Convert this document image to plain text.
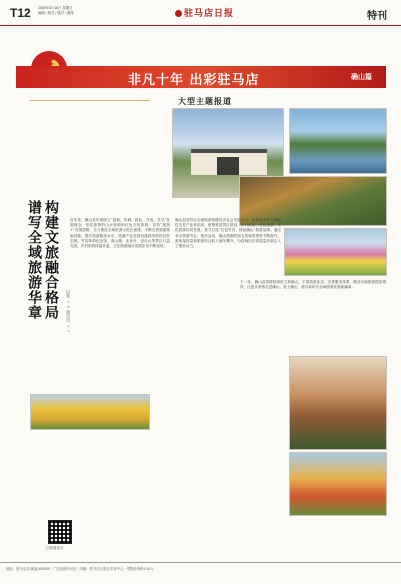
T12 2020年8月16日 星期日
编辑 / 版式 / 校对 / 照排	驻马店日报	特刊
非凡十年 出彩驻马店	确山篇
大型主题报道
谱写全域旅游华章 构建文旅融合格局 记者 ×× 通讯员 ××
近年来，确山县牢固树立“创新、协调、绿色、开放、共享”发展理念，依托独特的山水资源和红色文化资源，坚持“旅游+”发展思路，全力推进全域旅游示范区创建，不断完善旅游基础设施，提升旅游服务水平，旅游产业呈现出蓬勃发展的良好态势。竹沟革命纪念馆、薄山湖、北泉寺、老乐山等景区日益完善，乡村旅游持续升温，文化旅游融合发展步伐不断加快。
确山县坚持以全域旅游统揽经济社会发展全局，把旅游业作为战略性支柱产业来培育，统筹推进景区建设、乡村旅游、红色旅游、文化旅游协同发展，着力打造“红色竹沟、绿色确山”旅游品牌。通过举办旅游节会、推介活动，确山旅游的知名度和美誉度不断提升，游客接待量和旅游综合收入逐年攀升，为县域经济高质量发展注入了强劲动力。
下一步，确山县将继续深化文旅融合，丰富旅游业态，完善服务体系，推动全域旅游提质增效，让更多游客走进确山、爱上确山，谱写新时代全域旅游发展新篇章。
扫码看更多
地址：驻马店市 邮编 463000 · 广告经营许可证 · 印刷：驻马店日报社印务中心 · 零售价每份1.00元
